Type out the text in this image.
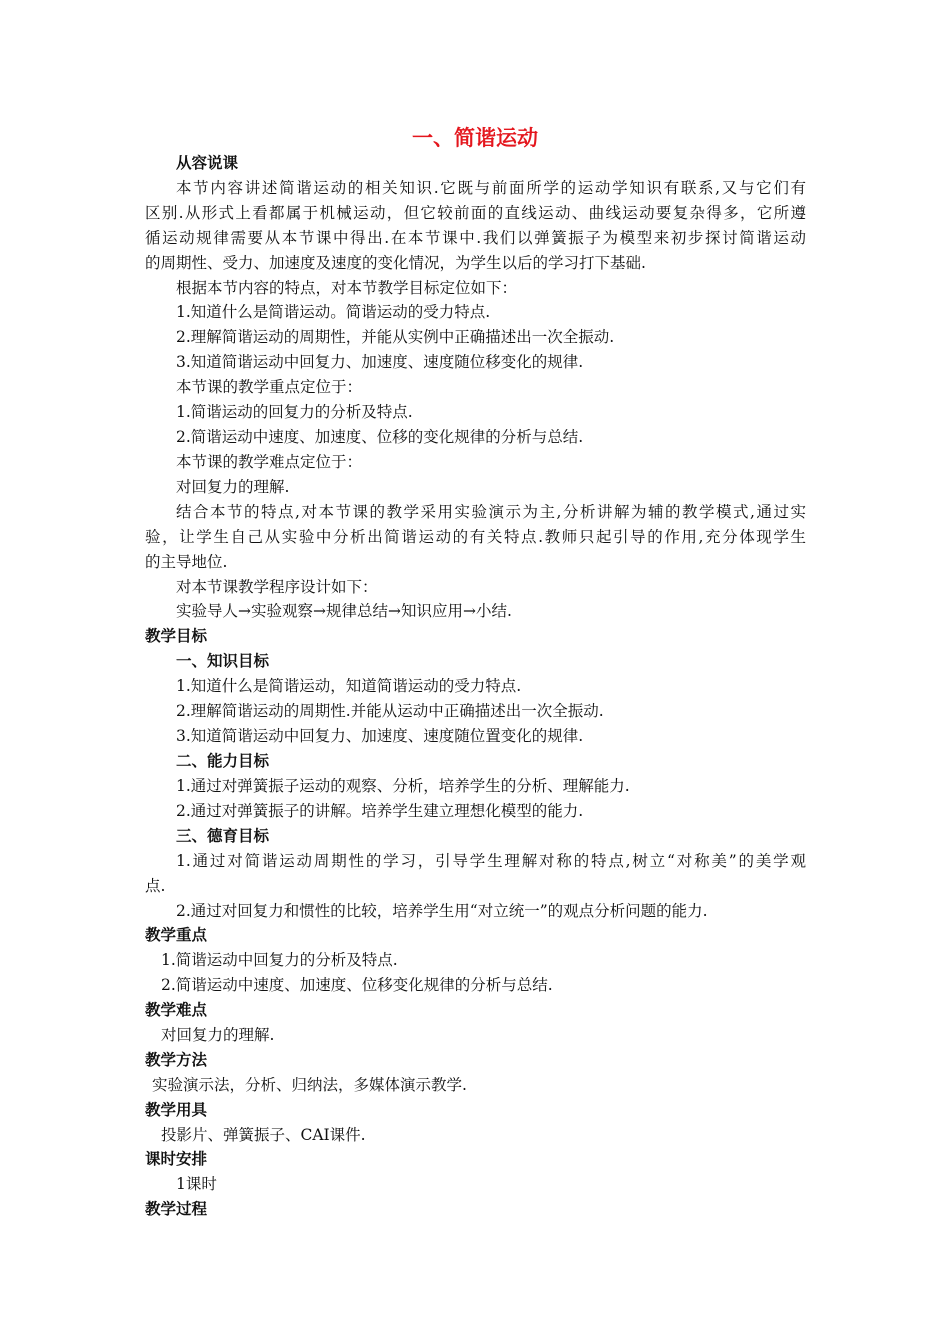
一、简谐运动
从容说课
本节内容讲述简谐运动的相关知识.它既与前面所学的运动学知识有联系,又与它们有
区别.从形式上看都属于机械运动，但它较前面的直线运动、曲线运动要复杂得多，它所遵
循运动规律需要从本节课中得出.在本节课中.我们以弹簧振子为模型来初步探讨简谐运动
的周期性、受力、加速度及速度的变化情况，为学生以后的学习打下基础.
根据本节内容的特点，对本节教学目标定位如下：
1.知道什么是简谐运动。简谐运动的受力特点.
2.理解简谐运动的周期性，并能从实例中正确描述出一次全振动.
3.知道简谐运动中回复力、加速度、速度随位移变化的规律.
本节课的教学重点定位于：
1.简谐运动的回复力的分析及特点.
2.简谐运动中速度、加速度、位移的变化规律的分析与总结.
本节课的教学难点定位于：
对回复力的理解.
结合本节的特点,对本节课的教学采用实验演示为主,分析讲解为辅的教学模式,通过实
验，让学生自己从实验中分析出简谐运动的有关特点.教师只起引导的作用,充分体现学生
的主导地位.
对本节课教学程序设计如下：
实验导人→实验观察→规律总结→知识应用→小结.
教学目标
一、知识目标
1.知道什么是简谐运动，知道简谐运动的受力特点.
2.理解简谐运动的周期性.并能从运动中正确描述出一次全振动.
3.知道简谐运动中回复力、加速度、速度随位置变化的规律.
二、能力目标
1.通过对弹簧振子运动的观察、分析，培养学生的分析、理解能力.
2.通过对弹簧振子的讲解。培养学生建立理想化模型的能力.
三、德育目标
1.通过对简谐运动周期性的学习，引导学生理解对称的特点,树立“对称美”的美学观
点.
2.通过对回复力和惯性的比较，培养学生用“对立统一”的观点分析问题的能力.
教学重点
1.简谐运动中回复力的分析及特点.
2.简谐运动中速度、加速度、位移变化规律的分析与总结.
教学难点
对回复力的理解.
教学方法
实验演示法，分析、归纳法，多媒体演示教学.
教学用具
投影片、弹簧振子、CAI课件.
课时安排
1课时
教学过程
